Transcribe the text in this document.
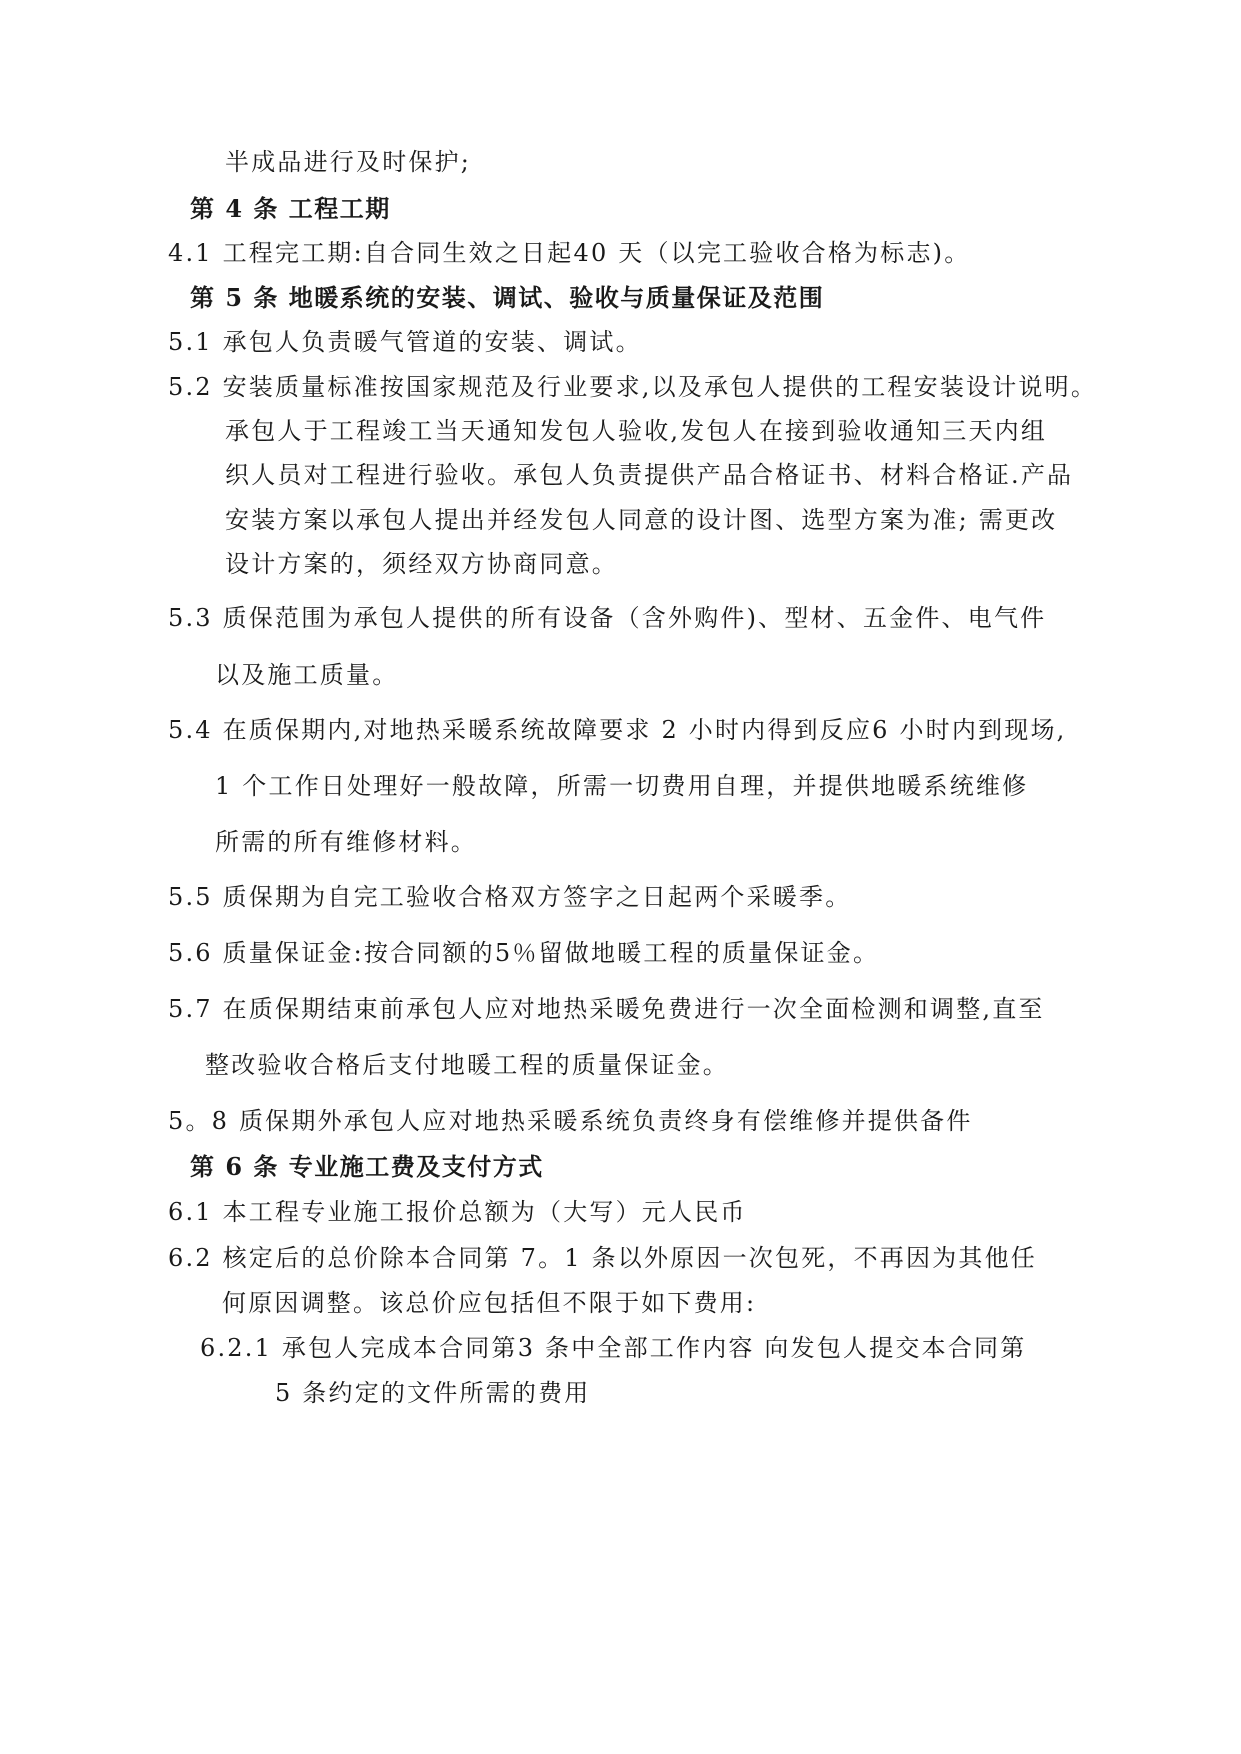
半成品进行及时保护;
第 4 条 工程工期
4.1 工程完工期:自合同生效之日起40 天（以完工验收合格为标志)。
第 5 条 地暖系统的安装、调试、验收与质量保证及范围
5.1 承包人负责暖气管道的安装、调试。
5.2 安装质量标准按国家规范及行业要求,以及承包人提供的工程安装设计说明。
承包人于工程竣工当天通知发包人验收,发包人在接到验收通知三天内组
织人员对工程进行验收。承包人负责提供产品合格证书、材料合格证.产品
安装方案以承包人提出并经发包人同意的设计图、选型方案为准; 需更改
设计方案的，须经双方协商同意。
5.3 质保范围为承包人提供的所有设备（含外购件)、型材、五金件、电气件
以及施工质量。
5.4 在质保期内,对地热采暖系统故障要求 2 小时内得到反应6 小时内到现场,
1 个工作日处理好一般故障，所需一切费用自理，并提供地暖系统维修
所需的所有维修材料。
5.5 质保期为自完工验收合格双方签字之日起两个采暖季。
5.6 质量保证金:按合同额的5％留做地暖工程的质量保证金。
5.7 在质保期结束前承包人应对地热采暖免费进行一次全面检测和调整,直至
整改验收合格后支付地暖工程的质量保证金。
5。8 质保期外承包人应对地热采暖系统负责终身有偿维修并提供备件
第 6 条 专业施工费及支付方式
6.1 本工程专业施工报价总额为（大写）元人民币
6.2 核定后的总价除本合同第 7。1 条以外原因一次包死，不再因为其他任
何原因调整。该总价应包括但不限于如下费用:
6.2.1 承包人完成本合同第3 条中全部工作内容 向发包人提交本合同第
5 条约定的文件所需的费用
